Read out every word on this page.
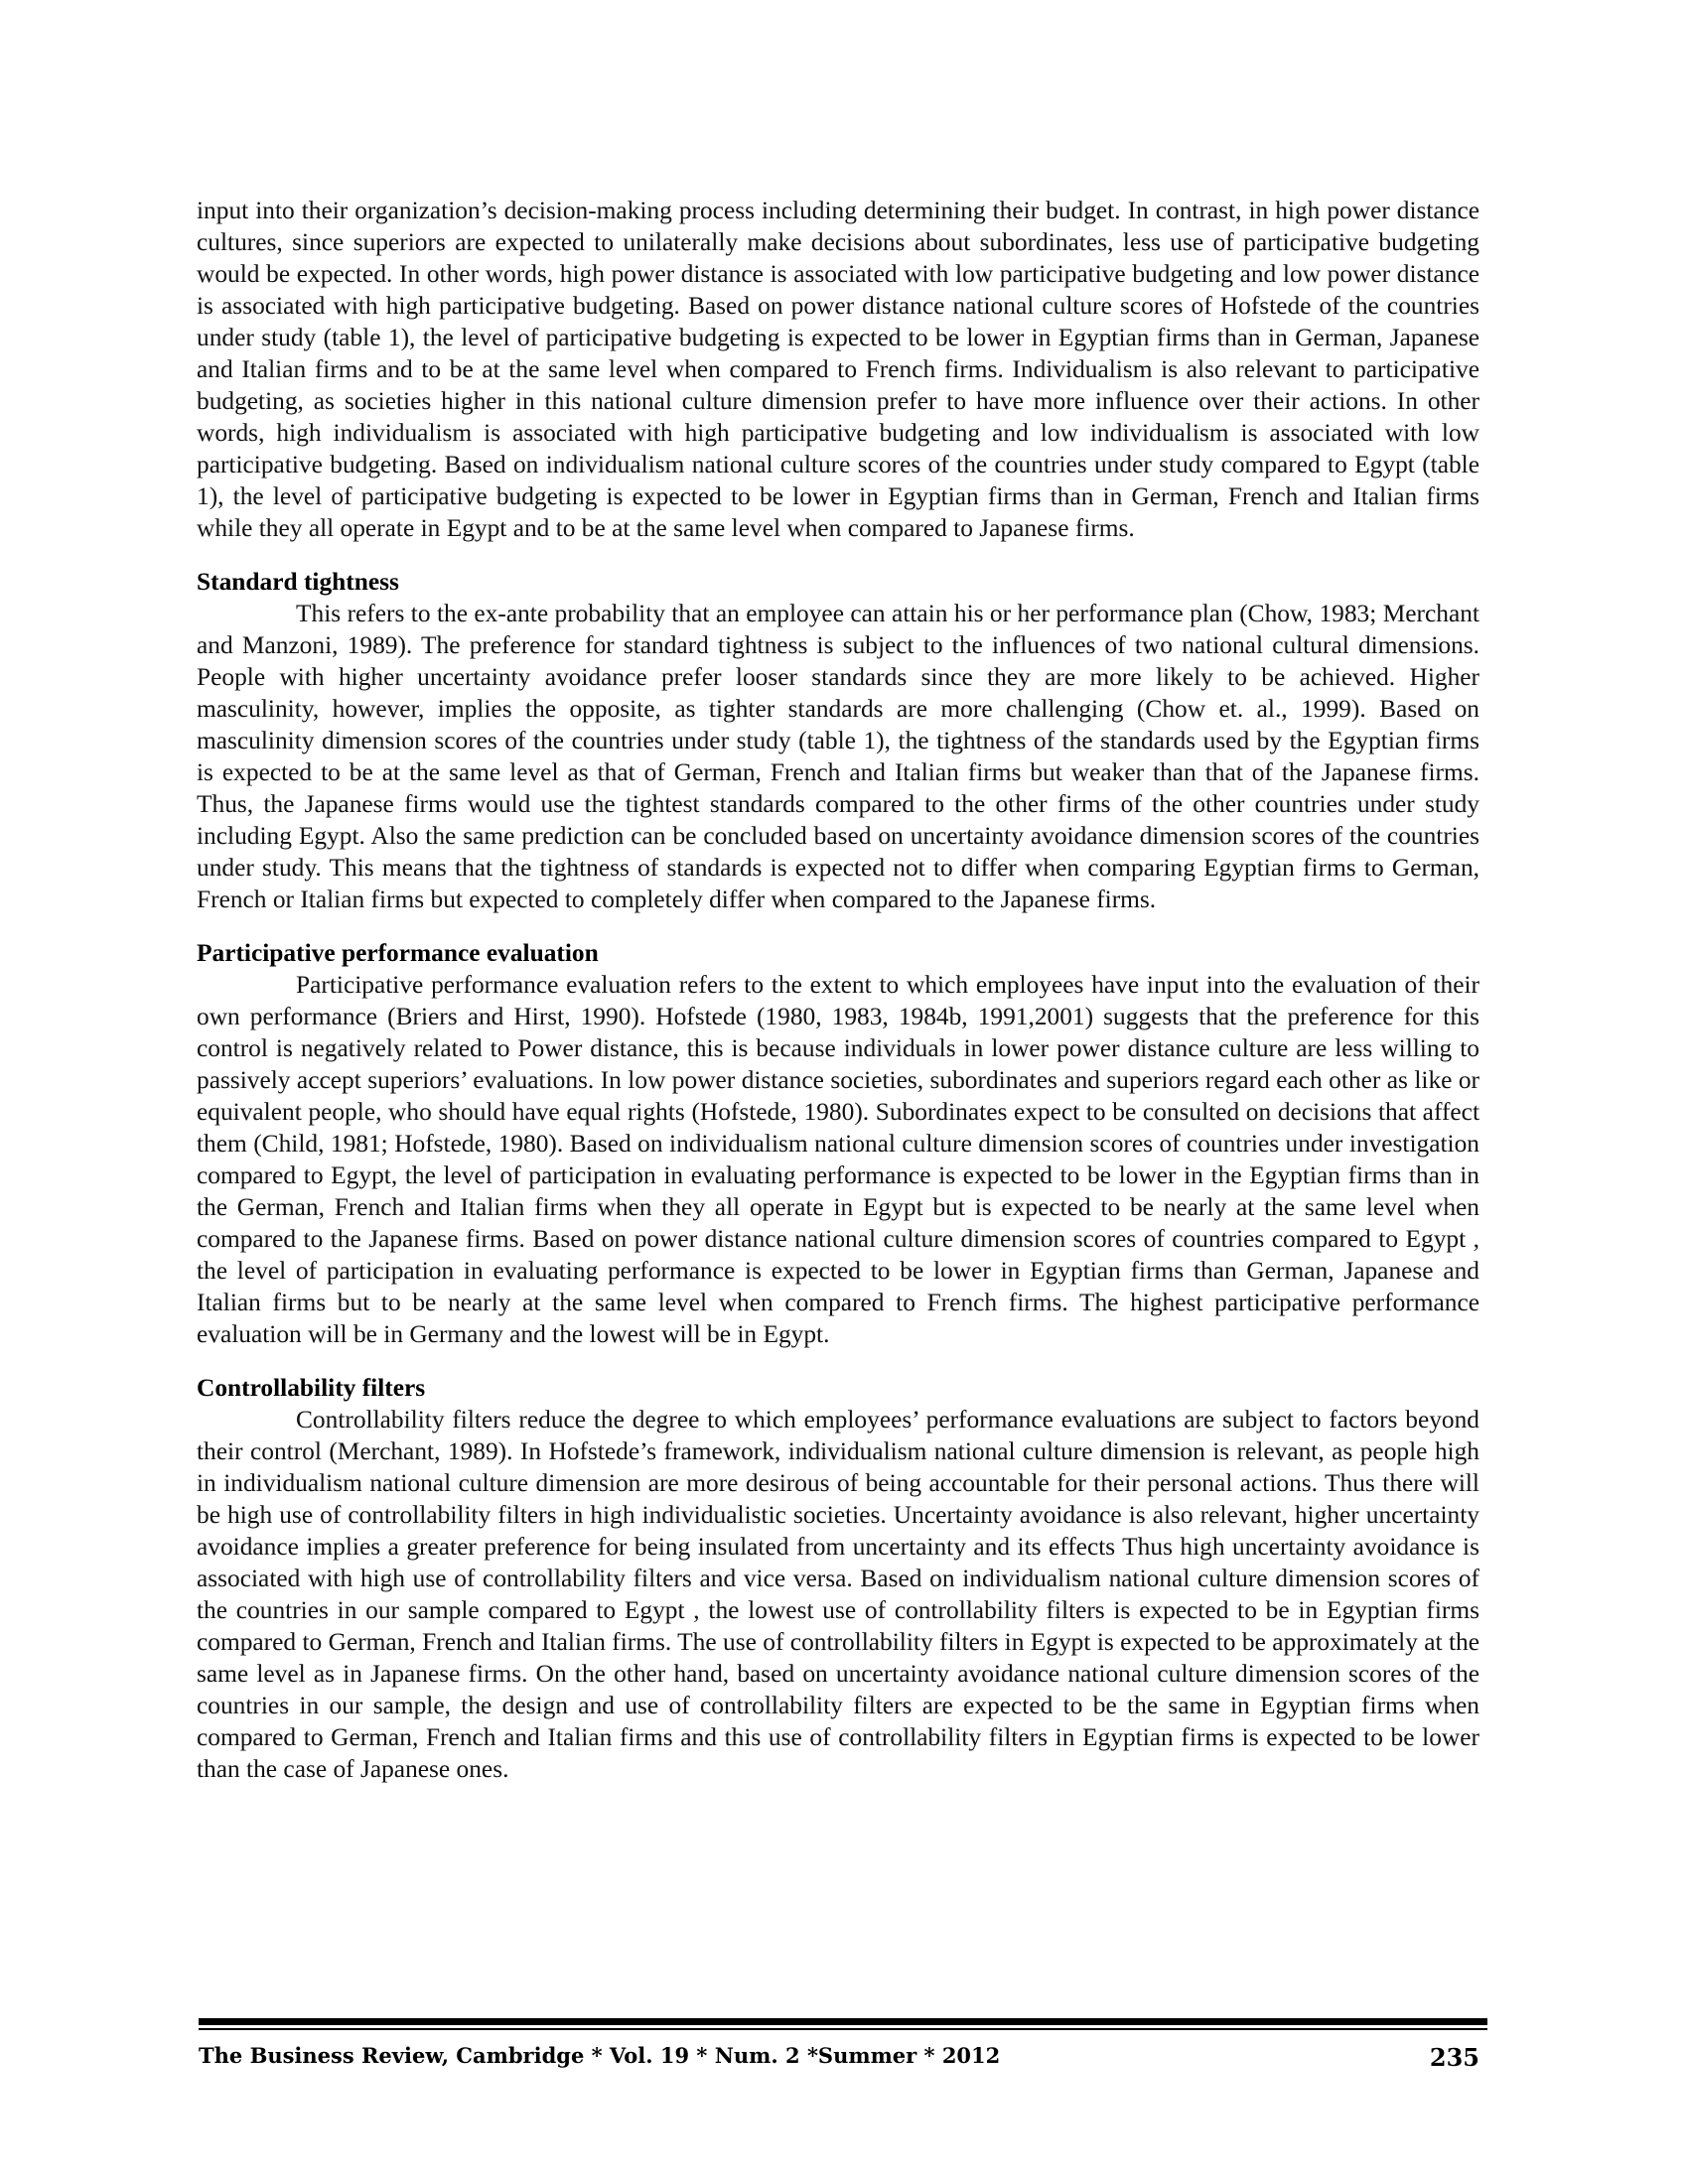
input into their organization’s decision-making process including determining their budget. In contrast, in high power distance cultures, since superiors are expected to unilaterally make decisions about subordinates, less use of participative budgeting would be expected. In other words, high power distance is associated with low participative budgeting and low power distance is associated with high participative budgeting. Based on power distance national culture scores of Hofstede of the countries under study (table 1), the level of participative budgeting is expected to be lower in Egyptian firms than in German, Japanese and Italian firms and to be at the same level when compared to French firms. Individualism is also relevant to participative budgeting, as societies higher in this national culture dimension prefer to have more influence over their actions. In other words, high individualism is associated with high participative budgeting and low individualism is associated with low participative budgeting. Based on individualism national culture scores of the countries under study compared to Egypt (table 1), the level of participative budgeting is expected to be lower in Egyptian firms than in German, French and Italian firms while they all operate in Egypt and to be at the same level when compared to Japanese firms.

Standard tightness

This refers to the ex-ante probability that an employee can attain his or her performance plan (Chow, 1983; Merchant and Manzoni, 1989). The preference for standard tightness is subject to the influences of two national cultural dimensions. People with higher uncertainty avoidance prefer looser standards since they are more likely to be achieved. Higher masculinity, however, implies the opposite, as tighter standards are more challenging (Chow et. al., 1999). Based on masculinity dimension scores of the countries under study (table 1), the tightness of the standards used by the Egyptian firms is expected to be at the same level as that of German, French and Italian firms but weaker than that of the Japanese firms. Thus, the Japanese firms would use the tightest standards compared to the other firms of the other countries under study including Egypt. Also the same prediction can be concluded based on uncertainty avoidance dimension scores of the countries under study. This means that the tightness of standards is expected not to differ when comparing Egyptian firms to German, French or Italian firms but expected to completely differ when compared to the Japanese firms.

Participative performance evaluation

Participative performance evaluation refers to the extent to which employees have input into the evaluation of their own performance (Briers and Hirst, 1990). Hofstede (1980, 1983, 1984b, 1991,2001) suggests that the preference for this control is negatively related to Power distance, this is because individuals in lower power distance culture are less willing to passively accept superiors’ evaluations. In low power distance societies, subordinates and superiors regard each other as like or equivalent people, who should have equal rights (Hofstede, 1980). Subordinates expect to be consulted on decisions that affect them (Child, 1981; Hofstede, 1980). Based on individualism national culture dimension scores of countries under investigation compared to Egypt, the level of participation in evaluating performance is expected to be lower in the Egyptian firms than in the German, French and Italian firms when they all operate in Egypt but is expected to be nearly at the same level when compared to the Japanese firms. Based on power distance national culture dimension scores of countries compared to Egypt , the level of participation in evaluating performance is expected to be lower in Egyptian firms than German, Japanese and Italian firms but to be nearly at the same level when compared to French firms. The highest participative performance evaluation will be in Germany and the lowest will be in Egypt.

Controllability filters

Controllability filters reduce the degree to which employees’ performance evaluations are subject to factors beyond their control (Merchant, 1989). In Hofstede’s framework, individualism national culture dimension is relevant, as people high in individualism national culture dimension are more desirous of being accountable for their personal actions. Thus there will be high use of controllability filters in high individualistic societies. Uncertainty avoidance is also relevant, higher uncertainty avoidance implies a greater preference for being insulated from uncertainty and its effects Thus high uncertainty avoidance is associated with high use of controllability filters and vice versa. Based on individualism national culture dimension scores of the countries in our sample compared to Egypt , the lowest use of controllability filters is expected to be in Egyptian firms compared to German, French and Italian firms. The use of controllability filters in Egypt is expected to be approximately at the same level as in Japanese firms. On the other hand, based on uncertainty avoidance national culture dimension scores of the countries in our sample, the design and use of controllability filters are expected to be the same in Egyptian firms when compared to German, French and Italian firms and this use of controllability filters in Egyptian firms is expected to be lower than the case of Japanese ones.

The Business Review, Cambridge * Vol. 19 * Num. 2 *Summer * 2012	235
